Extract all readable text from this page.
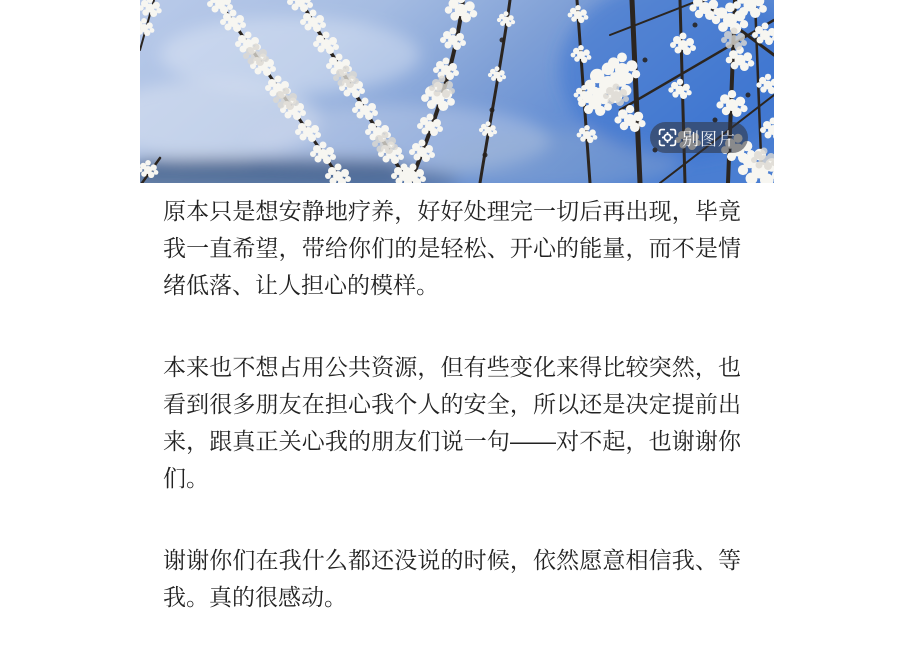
别图片

原本只是想安静地疗养，好好处理完一切后再出现，毕竟我一直希望，带给你们的是轻松、开心的能量，而不是情绪低落、让人担心的模样。

本来也不想占用公共资源，但有些变化来得比较突然，也看到很多朋友在担心我个人的安全，所以还是决定提前出来，跟真正关心我的朋友们说一句——对不起，也谢谢你们。

谢谢你们在我什么都还没说的时候，依然愿意相信我、等我。真的很感动。
